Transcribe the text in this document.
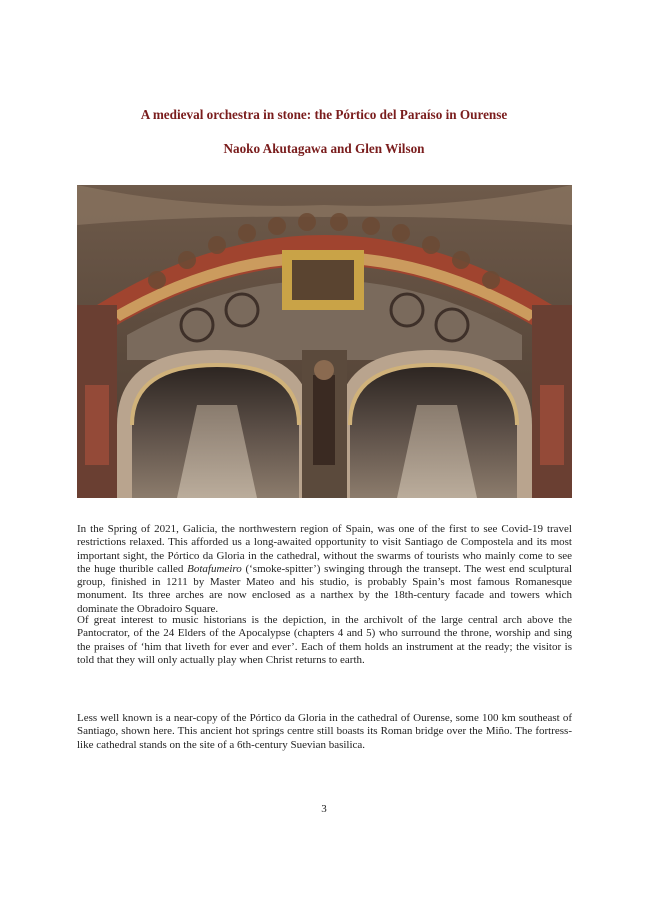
A medieval orchestra in stone: the Pórtico del Paraíso in Ourense
Naoko Akutagawa and Glen Wilson

In the Spring of 2021, Galicia, the northwestern region of Spain, was one of the first to see Covid-19 travel restrictions relaxed. This afforded us a long-awaited opportunity to visit Santiago de Compostela and its most important sight, the Pórtico da Gloria in the cathedral, without the swarms of tourists who mainly come to see the huge thurible called Botafumeiro (‘smoke-spitter’) swinging through the transept. The west end sculptural group, finished in 1211 by Master Mateo and his studio, is probably Spain’s most famous Romanesque monument. Its three arches are now enclosed as a narthex by the 18th-century facade and towers which dominate the Obradoiro Square.

Of great interest to music historians is the depiction, in the archivolt of the large central arch above the Pantocrator, of the 24 Elders of the Apocalypse (chapters 4 and 5) who surround the throne, worship and sing the praises of ‘him that liveth for ever and ever’. Each of them holds an instrument at the ready; the visitor is told that they will only actually play when Christ returns to earth.

Less well known is a near-copy of the Pórtico da Gloria in the cathedral of Ourense, some 100 km southeast of Santiago, shown here. This ancient hot springs centre still boasts its Roman bridge over the Miño. The fortress-like cathedral stands on the site of a 6th-century Suevian basilica.

3
